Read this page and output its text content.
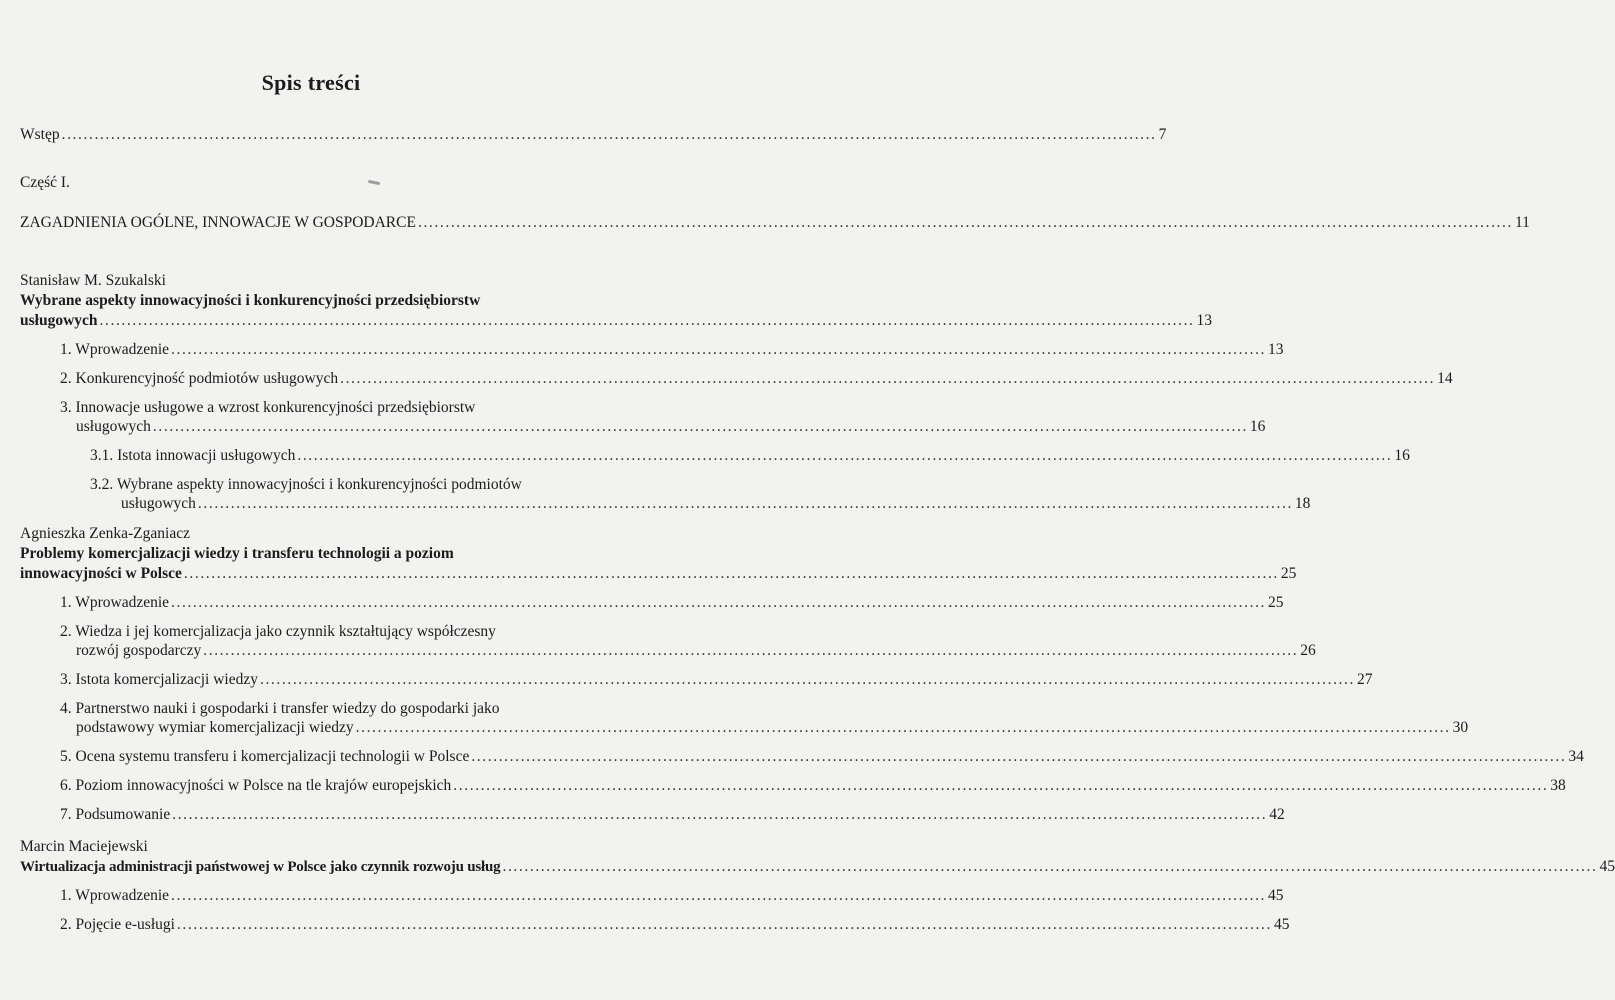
Spis treści
Wstęp ........................................................................................................................................................................................................ 7
Część I.
ZAGADNIENIA OGÓLNE, INNOWACJE W GOSPODARCE ........................................................................................................................................................................................................ 11
Stanisław M. Szukalski
Wybrane aspekty innowacyjności i konkurencyjności przedsiębiorstw
usługowych ........................................................................................................................................................................................................ 13
1. Wprowadzenie ........................................................................................................................................................................................................ 13
2. Konkurencyjność podmiotów usługowych ........................................................................................................................................................................................................ 14
3. Innowacje usługowe a wzrost konkurencyjności przedsiębiorstw
usługowych ........................................................................................................................................................................................................ 16
3.1. Istota innowacji usługowych ........................................................................................................................................................................................................ 16
3.2. Wybrane aspekty innowacyjności i konkurencyjności podmiotów
usługowych ........................................................................................................................................................................................................ 18
Agnieszka Zenka-Zganiacz
Problemy komercjalizacji wiedzy i transferu technologii a poziom
innowacyjności w Polsce ........................................................................................................................................................................................................ 25
1. Wprowadzenie ........................................................................................................................................................................................................ 25
2. Wiedza i jej komercjalizacja jako czynnik kształtujący współczesny
rozwój gospodarczy ........................................................................................................................................................................................................ 26
3. Istota komercjalizacji wiedzy ........................................................................................................................................................................................................ 27
4. Partnerstwo nauki i gospodarki i transfer wiedzy do gospodarki jako
podstawowy wymiar komercjalizacji wiedzy ........................................................................................................................................................................................................ 30
5. Ocena systemu transferu i komercjalizacji technologii w Polsce ........................................................................................................................................................................................................ 34
6. Poziom innowacyjności w Polsce na tle krajów europejskich ........................................................................................................................................................................................................ 38
7. Podsumowanie ........................................................................................................................................................................................................ 42
Marcin Maciejewski
Wirtualizacja administracji państwowej w Polsce jako czynnik rozwoju usług ........................................................................................................................................................................................................ 45
1. Wprowadzenie ........................................................................................................................................................................................................ 45
2. Pojęcie e-usługi ........................................................................................................................................................................................................ 45
